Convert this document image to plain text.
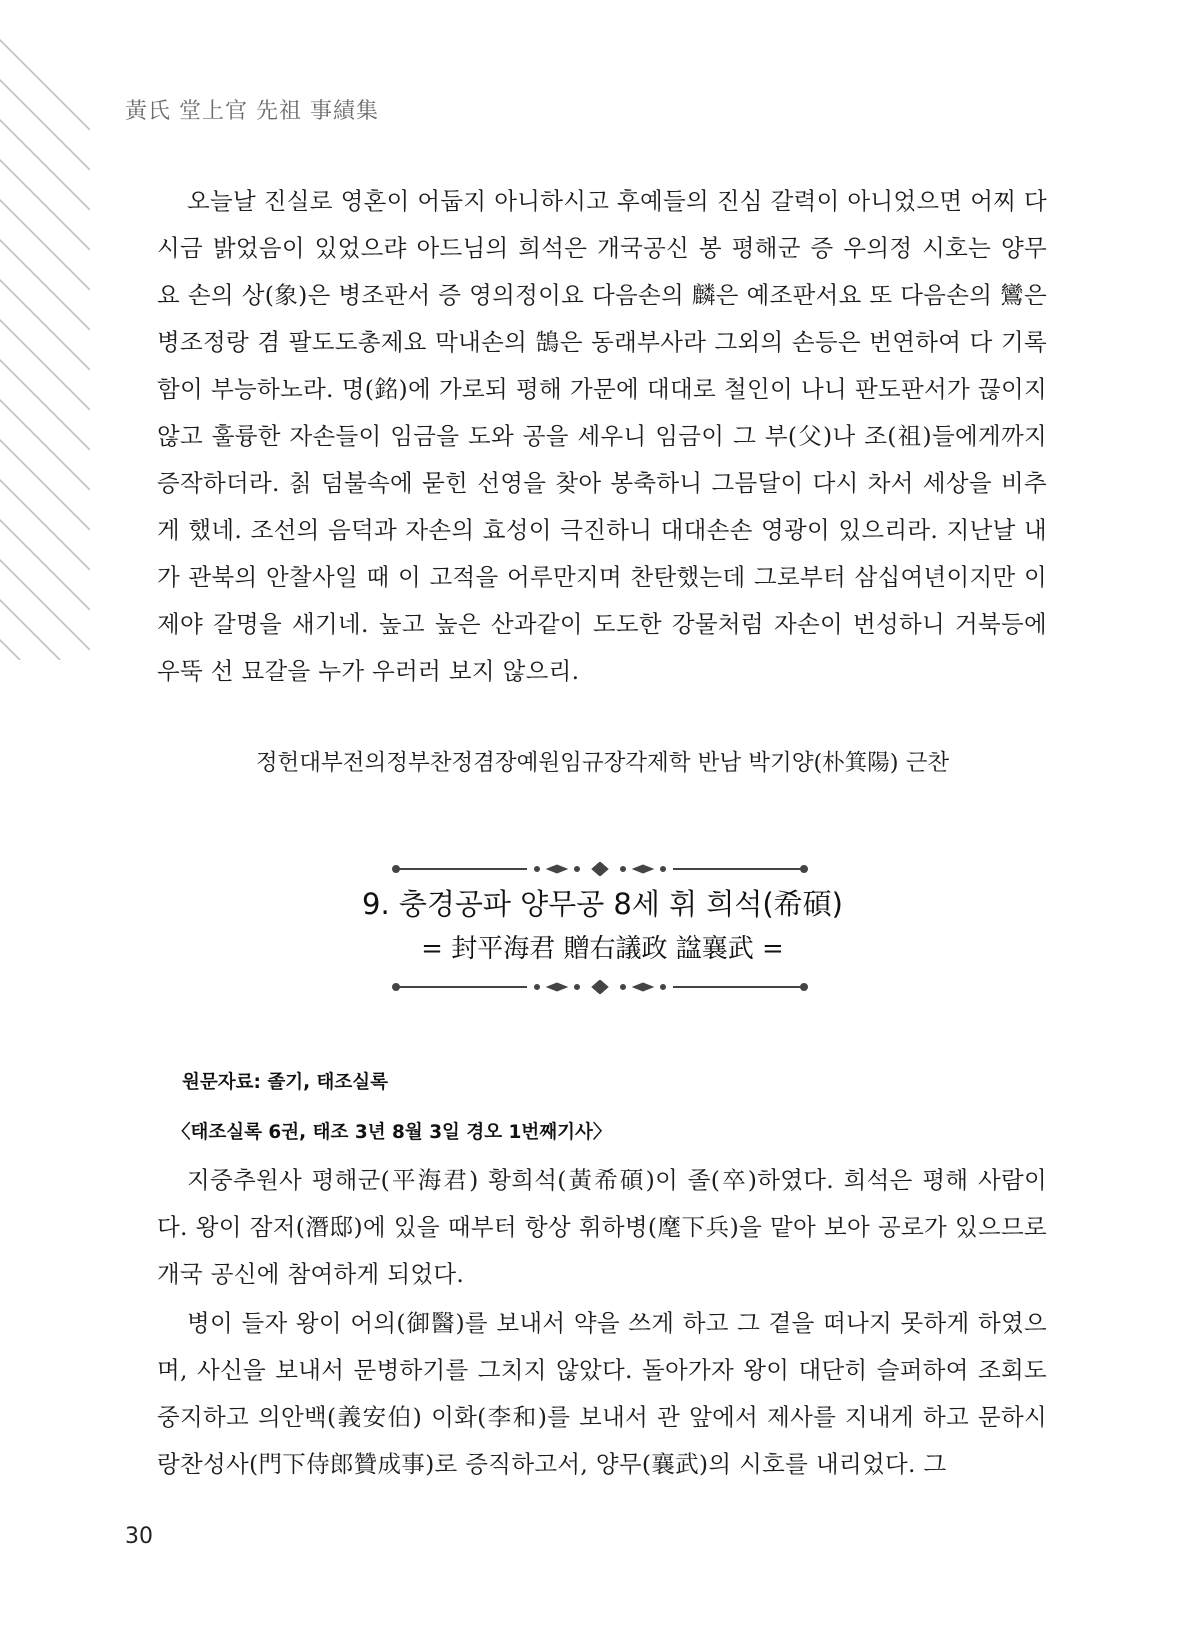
黃氏 堂上官 先祖 事績集

오늘날 진실로 영혼이 어둡지 아니하시고 후예들의 진심 갈력이 아니었으면 어찌 다시금 밝었음이 있었으랴 아드님의 희석은 개국공신 봉 평해군 증 우의정 시호는 양무요 손의 상(象)은 병조판서 증 영의정이요 다음손의 麟은 예조판서요 또 다음손의 鸞은 병조정랑 겸 팔도도총제요 막내손의 鵠은 동래부사라 그외의 손등은 번연하여 다 기록함이 부능하노라. 명(銘)에 가로되 평해 가문에 대대로 철인이 나니 판도판서가 끊이지 않고 훌륭한 자손들이 임금을 도와 공을 세우니 임금이 그 부(父)나 조(祖)들에게까지 증작하더라. 칡 덤불속에 묻힌 선영을 찾아 봉축하니 그믐달이 다시 차서 세상을 비추게 했네. 조선의 음덕과 자손의 효성이 극진하니 대대손손 영광이 있으리라. 지난날 내가 관북의 안찰사일 때 이 고적을 어루만지며 찬탄했는데 그로부터 삼십여년이지만 이제야 갈명을 새기네. 높고 높은 산과같이 도도한 강물처럼 자손이 번성하니 거북등에 우뚝 선 묘갈을 누가 우러러 보지 않으리.

정헌대부전의정부찬정겸장예원임규장각제학 반남 박기양(朴箕陽) 근찬

9. 충경공파 양무공 8세 휘 희석(希碩)

= 封平海君 贈右議政 諡襄武 =

원문자료: 졸기, 태조실록

〈태조실록 6권, 태조 3년 8월 3일 경오 1번째기사〉

지중추원사 평해군(平海君) 황희석(黃希碩)이 졸(卒)하였다. 희석은 평해 사람이다. 왕이 잠저(潛邸)에 있을 때부터 항상 휘하병(麾下兵)을 맡아 보아 공로가 있으므로 개국 공신에 참여하게 되었다.

병이 들자 왕이 어의(御醫)를 보내서 약을 쓰게 하고 그 곁을 떠나지 못하게 하였으며, 사신을 보내서 문병하기를 그치지 않았다. 돌아가자 왕이 대단히 슬퍼하여 조회도 중지하고 의안백(義安伯) 이화(李和)를 보내서 관 앞에서 제사를 지내게 하고 문하시랑찬성사(門下侍郎贊成事)로 증직하고서, 양무(襄武)의 시호를 내리었다. 그

30
